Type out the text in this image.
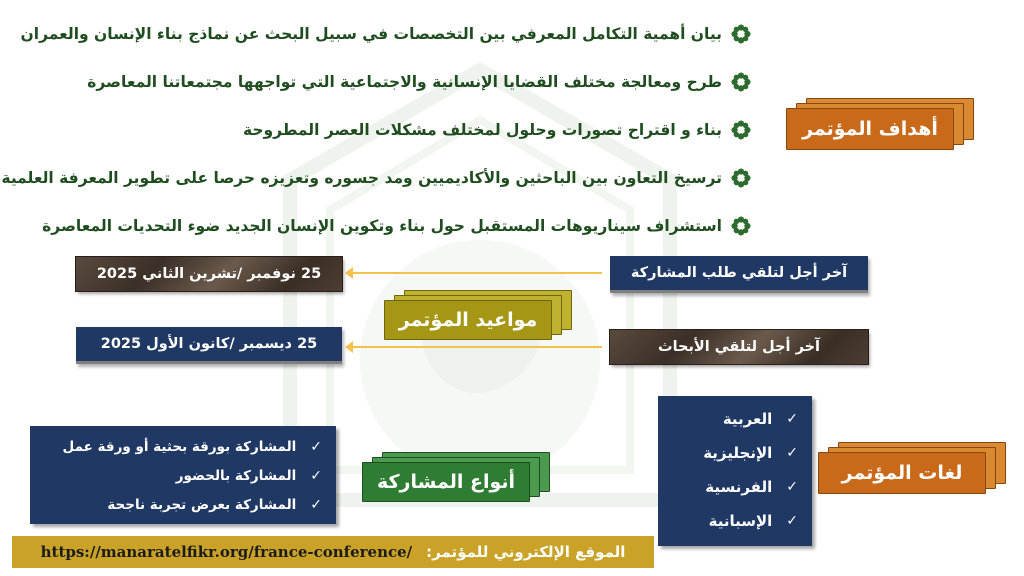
بيان أهمية التكامل المعرفي بين التخصصات في سبيل البحث عن نماذج بناء الإنسان والعمران
طرح ومعالجة مختلف القضايا الإنسانية والاجتماعية التي تواجهها مجتمعاتنا المعاصرة
بناء و اقتراح تصورات وحلول لمختلف مشكلات العصر المطروحة
ترسيخ التعاون بين الباحثين والأكاديميين ومد جسوره وتعزيزه حرصا على تطوير المعرفة العلمية
استشراف سيناريوهات المستقبل حول بناء وتكوين الإنسان الجديد ضوء التحديات المعاصرة
أهداف المؤتمر
آخر أجل لتلقي طلب المشاركة
25 نوفمبر /تشرين الثاني 2025
مواعيد المؤتمر
آخر أجل لتلقي الأبحاث
25 ديسمبر /كانون الأول 2025
✓
العربية
✓
الإنجليزية
✓
الفرنسية
✓
الإسبانية
لغات المؤتمر
✓
المشاركة بورقة بحثية أو ورقة عمل
✓
المشاركة بالحضور
✓
المشاركة بعرض تجربة ناجحة
أنواع المشاركة
الموقع الإلكتروني للمؤتمر:
https://manaratelfikr.org/france-conference/
